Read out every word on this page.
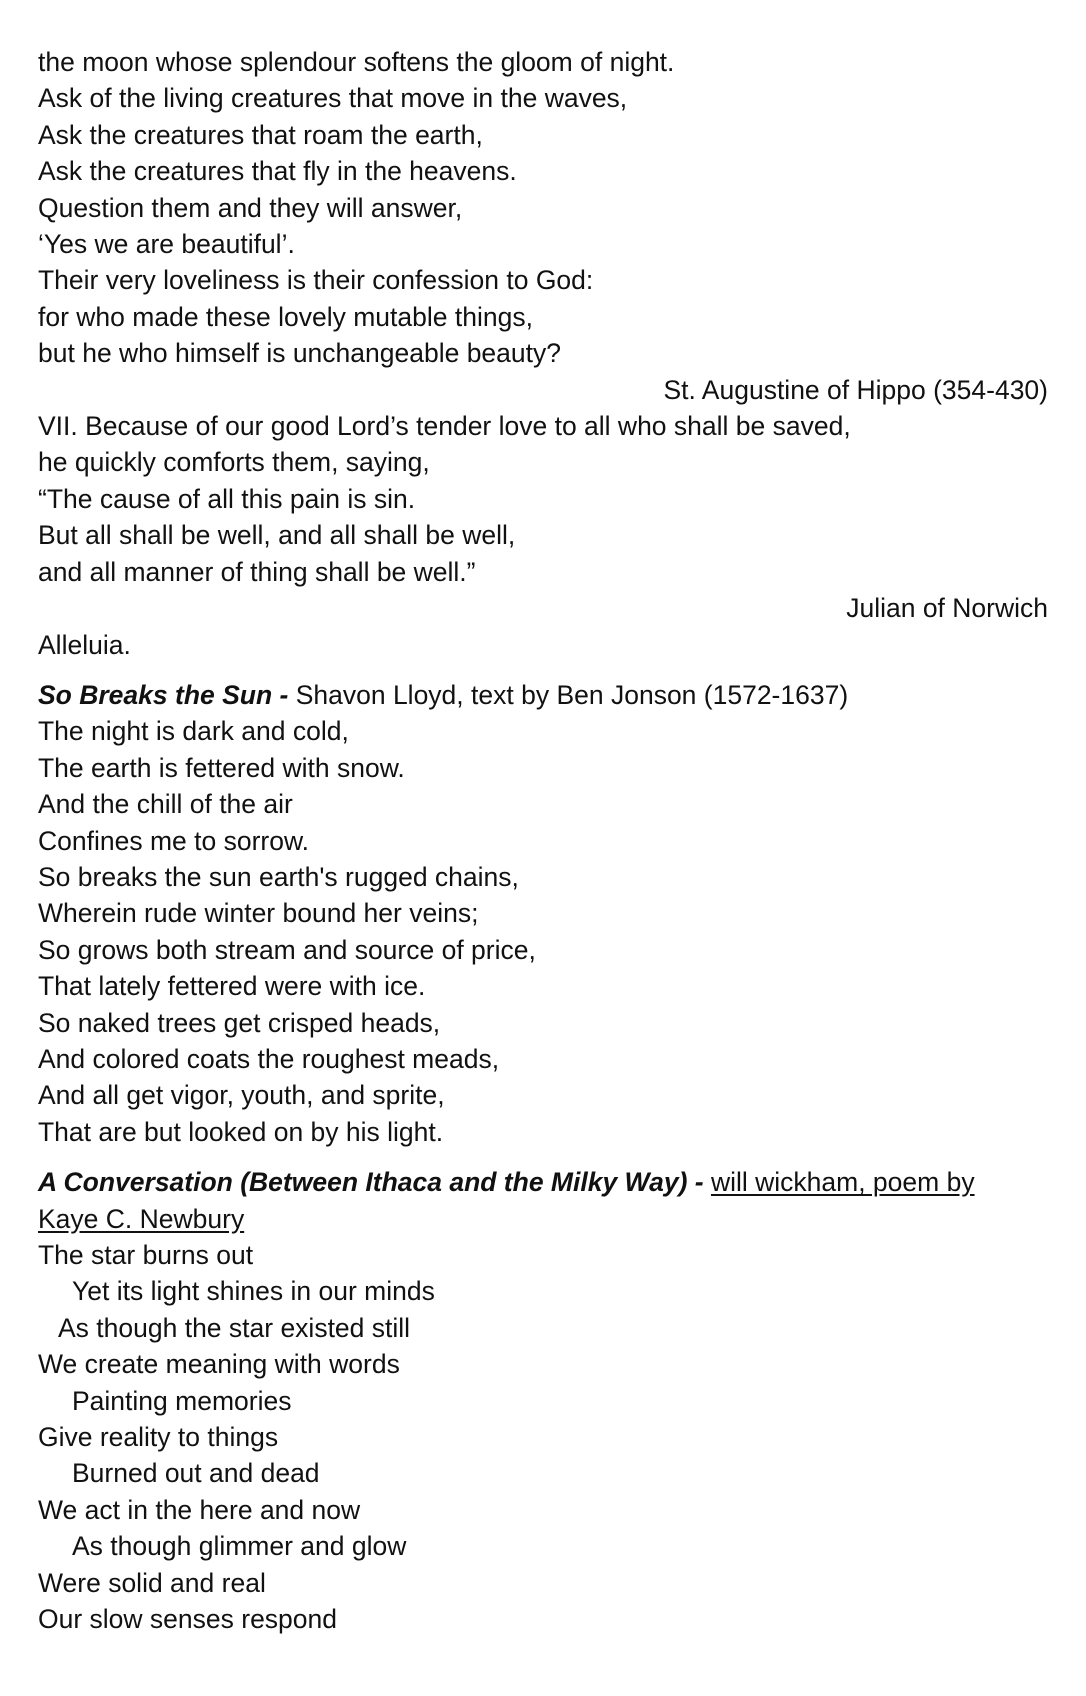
the moon whose splendour softens the gloom of night.
Ask of the living creatures that move in the waves,
Ask the creatures that roam the earth,
Ask the creatures that fly in the heavens.
Question them and they will answer,
‘Yes we are beautiful’.
Their very loveliness is their confession to God:
for who made these lovely mutable things,
but he who himself is unchangeable beauty?
St. Augustine of Hippo (354-430)
VII. Because of our good Lord’s tender love to all who shall be saved,
he quickly comforts them, saying,
“The cause of all this pain is sin.
But all shall be well, and all shall be well,
and all manner of thing shall be well.”
Julian of Norwich
Alleluia.
So Breaks the Sun - Shavon Lloyd, text by Ben Jonson (1572-1637)
The night is dark and cold,
The earth is fettered with snow.
And the chill of the air
Confines me to sorrow.
So breaks the sun earth's rugged chains,
Wherein rude winter bound her veins;
So grows both stream and source of price,
That lately fettered were with ice.
So naked trees get crisped heads,
And colored coats the roughest meads,
And all get vigor, youth, and sprite,
That are but looked on by his light.
A Conversation (Between Ithaca and the Milky Way) - will wickham, poem by
Kaye C. Newbury
The star burns out
Yet its light shines in our minds
As though the star existed still
We create meaning with words
Painting memories
Give reality to things
Burned out and dead
We act in the here and now
As though glimmer and glow
Were solid and real
Our slow senses respond
